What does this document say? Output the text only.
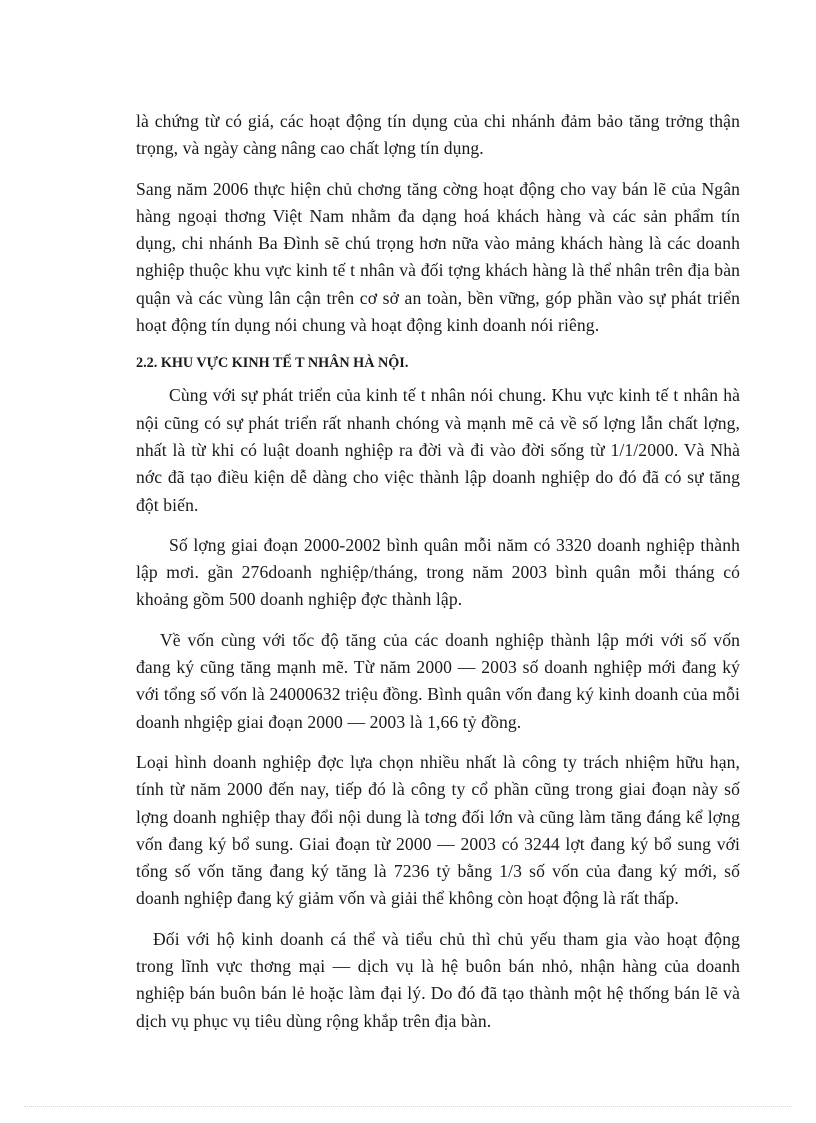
là chứng từ có giá, các hoạt động tín dụng của chi nhánh đảm bảo tăng trởng thận trọng, và ngày càng nâng cao chất lợng tín dụng.

Sang năm 2006 thực hiện chủ chơng tăng cờng hoạt động cho vay bán lẽ của Ngân hàng ngoại thơng Việt Nam nhằm đa dạng hoá khách hàng và các sản phẩm tín dụng, chi nhánh Ba Đình sẽ chú trọng hơn nữa vào mảng khách hàng là các doanh nghiệp thuộc khu vực kinh tế t nhân và đối tợng khách hàng là thể nhân trên địa bàn quận và các vùng lân cận trên cơ sở an toàn, bền vững, góp phần vào sự phát triển hoạt động tín dụng nói chung và hoạt động kinh doanh nói riêng.

2.2. KHU VỰC KINH TẾ T NHÂN HÀ NỘI.

Cùng với sự phát triển của kinh tế t nhân nói chung. Khu vực kinh tế t nhân hà nội cũng có sự phát triển rất nhanh chóng và mạnh mẽ cả về số lợng lẫn chất lợng, nhất là từ khi có luật doanh nghiệp ra đời và đi vào đời sống từ 1/1/2000. Và Nhà nớc đã tạo điều kiện dễ dàng cho việc thành lập doanh nghiệp do đó đã có sự tăng đột biến.

Số lợng giai đoạn 2000-2002 bình quân mỗi năm có 3320 doanh nghiệp thành lập mơi. gần 276doanh nghiệp/tháng, trong năm 2003 bình quân mỗi tháng có khoảng gồm 500 doanh nghiệp đợc thành lập.

Về vốn cùng với tốc độ tăng của các doanh nghiệp thành lập mới với số vốn đang ký cũng tăng mạnh mẽ. Từ năm 2000 — 2003 số doanh nghiệp mới đang ký với tổng số vốn là 24000632 triệu đồng. Bình quân vốn đang ký kinh doanh của mỗi doanh nhgiệp giai đoạn 2000 — 2003 là 1,66 tỷ đồng.

Loại hình doanh nghiệp đợc lựa chọn nhiều nhất là công ty trách nhiệm hữu hạn, tính từ năm 2000 đến nay, tiếp đó là công ty cổ phần cũng trong giai đoạn này số lợng doanh nghiệp thay đổi nội dung là tơng đối lớn và cũng làm tăng đáng kể lợng vốn đang ký bổ sung. Giai đoạn từ 2000 — 2003 có 3244 lợt đang ký bổ sung với tổng số vốn tăng đang ký tăng là 7236 tỷ bằng 1/3 số vốn của đang ký mới, số doanh nghiệp đang ký giảm vốn và giải thể không còn hoạt động là rất thấp.

Đối với hộ kinh doanh cá thể và tiểu chủ thì chủ yếu tham gia vào hoạt động trong lĩnh vực thơng mại — dịch vụ là hệ buôn bán nhỏ, nhận hàng của doanh nghiệp bán buôn bán lẻ hoặc làm đại lý. Do đó đã tạo thành một hệ thống bán lẽ và dịch vụ phục vụ tiêu dùng rộng khắp trên địa bàn.
